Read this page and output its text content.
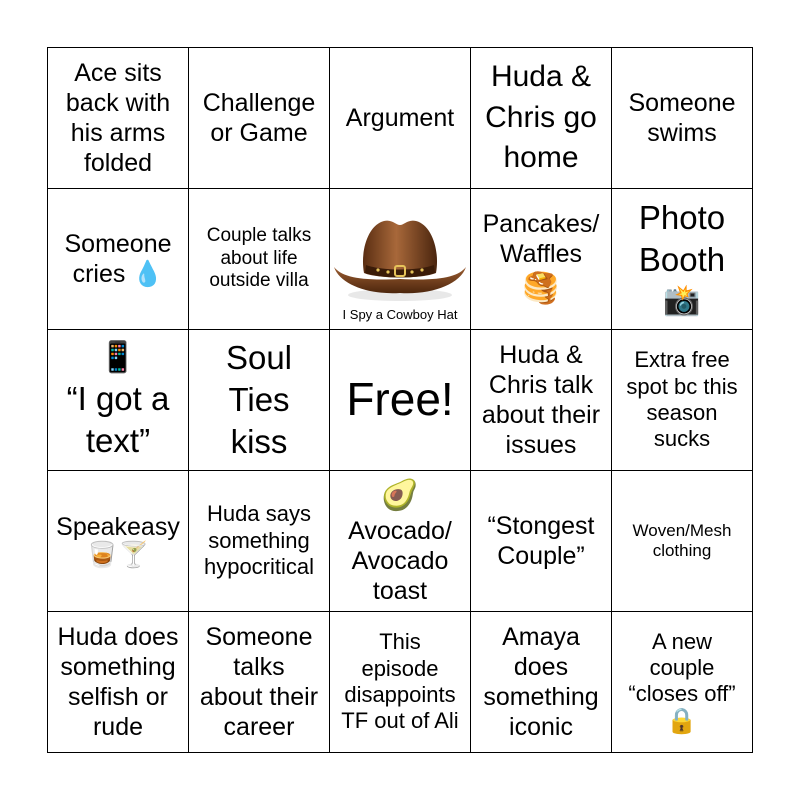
Ace sits
back with
his arms
folded
Challenge
or Game
Argument
Huda &
Chris go
home
Someone
swims
Someone
cries 💧
Couple talks
about life
outside villa
I Spy a Cowboy Hat
Pancakes/
Waffles
🥞
Photo
Booth
📸
📱
“I got a
text”
Soul
Ties
kiss
Free!
Huda &
Chris talk
about their
issues
Extra free
spot bc this
season
sucks
Speakeasy
🥃🍸
Huda says
something
hypocritical
🥑
Avocado/
Avocado
toast
“Stongest
Couple”
Woven/Mesh
clothing
Huda does
something
selfish or
rude
Someone
talks
about their
career
This
episode
disappoints
TF out of Ali
Amaya
does
something
iconic
A new
couple
“closes off”
🔒
